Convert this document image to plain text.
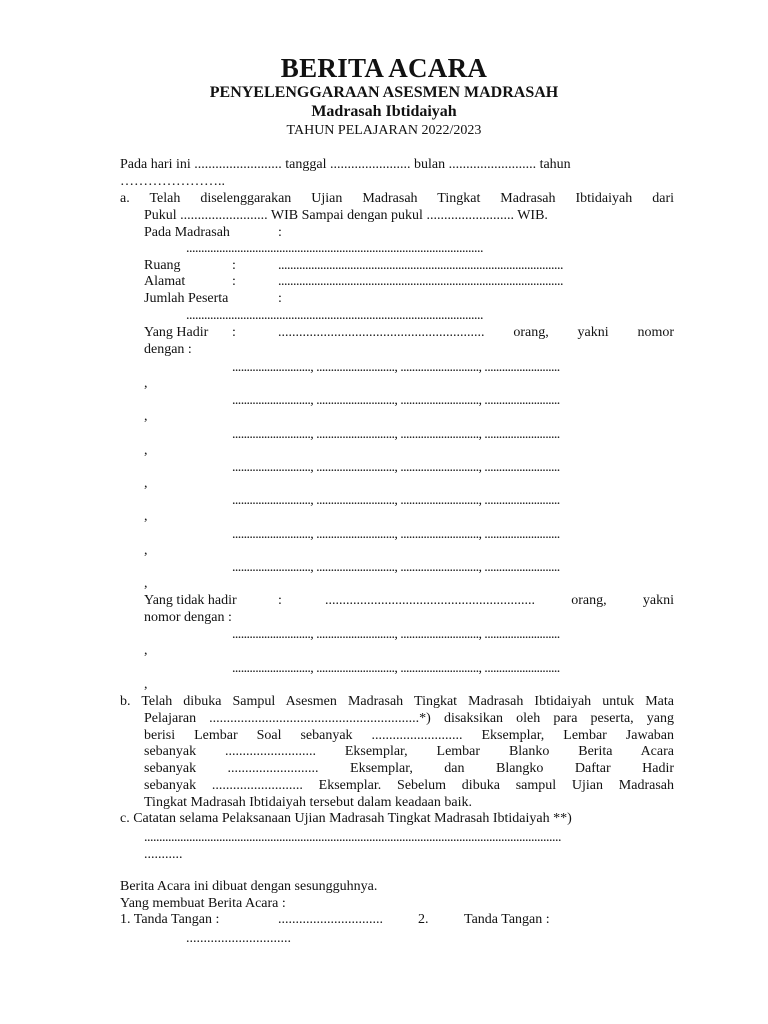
BERITA ACARA
PENYELENGGARAAN ASESMEN MADRASAH
Madrasah Ibtidaiyah
TAHUN PELAJARAN 2022/2023
Pada hari ini ......................... tanggal ....................... bulan ......................... tahun
…………………..
a. Telah diselenggarakan Ujian Madrasah Tingkat Madrasah Ibtidaiyah dari
Pukul ......................... WIB Sampai dengan pukul ......................... WIB.
Pada Madrasah	:
...................................................................................................
Ruang	:	...............................................................................................
Alamat	:	...............................................................................................
Jumlah Peserta	:
...................................................................................................
Yang Hadir :	........................................................... orang, yakni nomor
dengan :
..........................., ..........................., ..........................., ..........................
,
..........................., ..........................., ..........................., ..........................
,
..........................., ..........................., ..........................., ..........................
,
..........................., ..........................., ..........................., ..........................
,
..........................., ..........................., ..........................., ..........................
,
..........................., ..........................., ..........................., ..........................
,
..........................., ..........................., ..........................., ..........................
,
Yang tidak hadir	:	............................................................ orang, yakni
nomor dengan :
..........................., ..........................., ..........................., ..........................
,
..........................., ..........................., ..........................., ..........................
,
b. Telah dibuka Sampul Asesmen Madrasah Tingkat Madrasah Ibtidaiyah untuk Mata
Pelajaran ............................................................*) disaksikan oleh para peserta, yang
berisi Lembar Soal sebanyak .......................... Eksemplar, Lembar Jawaban
sebanyak .......................... Eksemplar, Lembar Blanko Berita Acara
sebanyak .......................... Eksemplar, dan Blangko Daftar Hadir
sebanyak .......................... Eksemplar. Sebelum dibuka sampul Ujian Madrasah
Tingkat Madrasah Ibtidaiyah tersebut dalam keadaan baik.
c. Catatan selama Pelaksanaan Ujian Madrasah Tingkat Madrasah Ibtidaiyah **)
...........................................................................................................................................
...........
Berita Acara ini dibuat dengan sesungguhnya.
Yang membuat Berita Acara :
1. Tanda Tangan :	..............................	2.	Tanda Tangan :
..............................
